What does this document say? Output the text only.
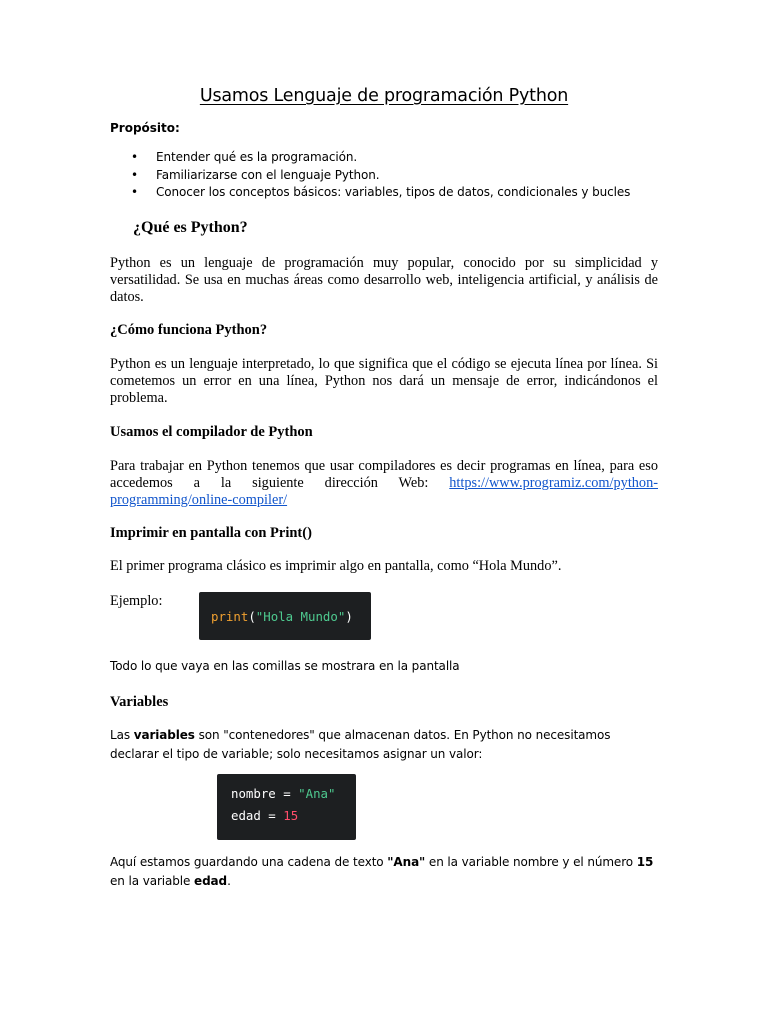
Usamos Lenguaje de programación Python
Propósito:
• Entender qué es la programación.
• Familiarizarse con el lenguaje Python.
• Conocer los conceptos básicos: variables, tipos de datos, condicionales y bucles
¿Qué es Python?

Python es un lenguaje de programación muy popular, conocido por su simplicidad y versatilidad. Se usa en muchas áreas como desarrollo web, inteligencia artificial, y análisis de datos.

¿Cómo funciona Python?

Python es un lenguaje interpretado, lo que significa que el código se ejecuta línea por línea. Si cometemos un error en una línea, Python nos dará un mensaje de error, indicándonos el problema.

Usamos el compilador de Python

Para trabajar en Python tenemos que usar compiladores es decir programas en línea, para eso accedemos a la siguiente dirección Web: https://www.programiz.com/python-programming/online-compiler/

Imprimir en pantalla con Print()

El primer programa clásico es imprimir algo en pantalla, como “Hola Mundo”.

Ejemplo:
print("Hola Mundo")

Todo lo que vaya en las comillas se mostrara en la pantalla

Variables

Las variables son "contenedores" que almacenan datos. En Python no necesitamos declarar el tipo de variable; solo necesitamos asignar un valor:

nombre = "Ana"
edad = 15

Aquí estamos guardando una cadena de texto "Ana" en la variable nombre y el número 15 en la variable edad.
